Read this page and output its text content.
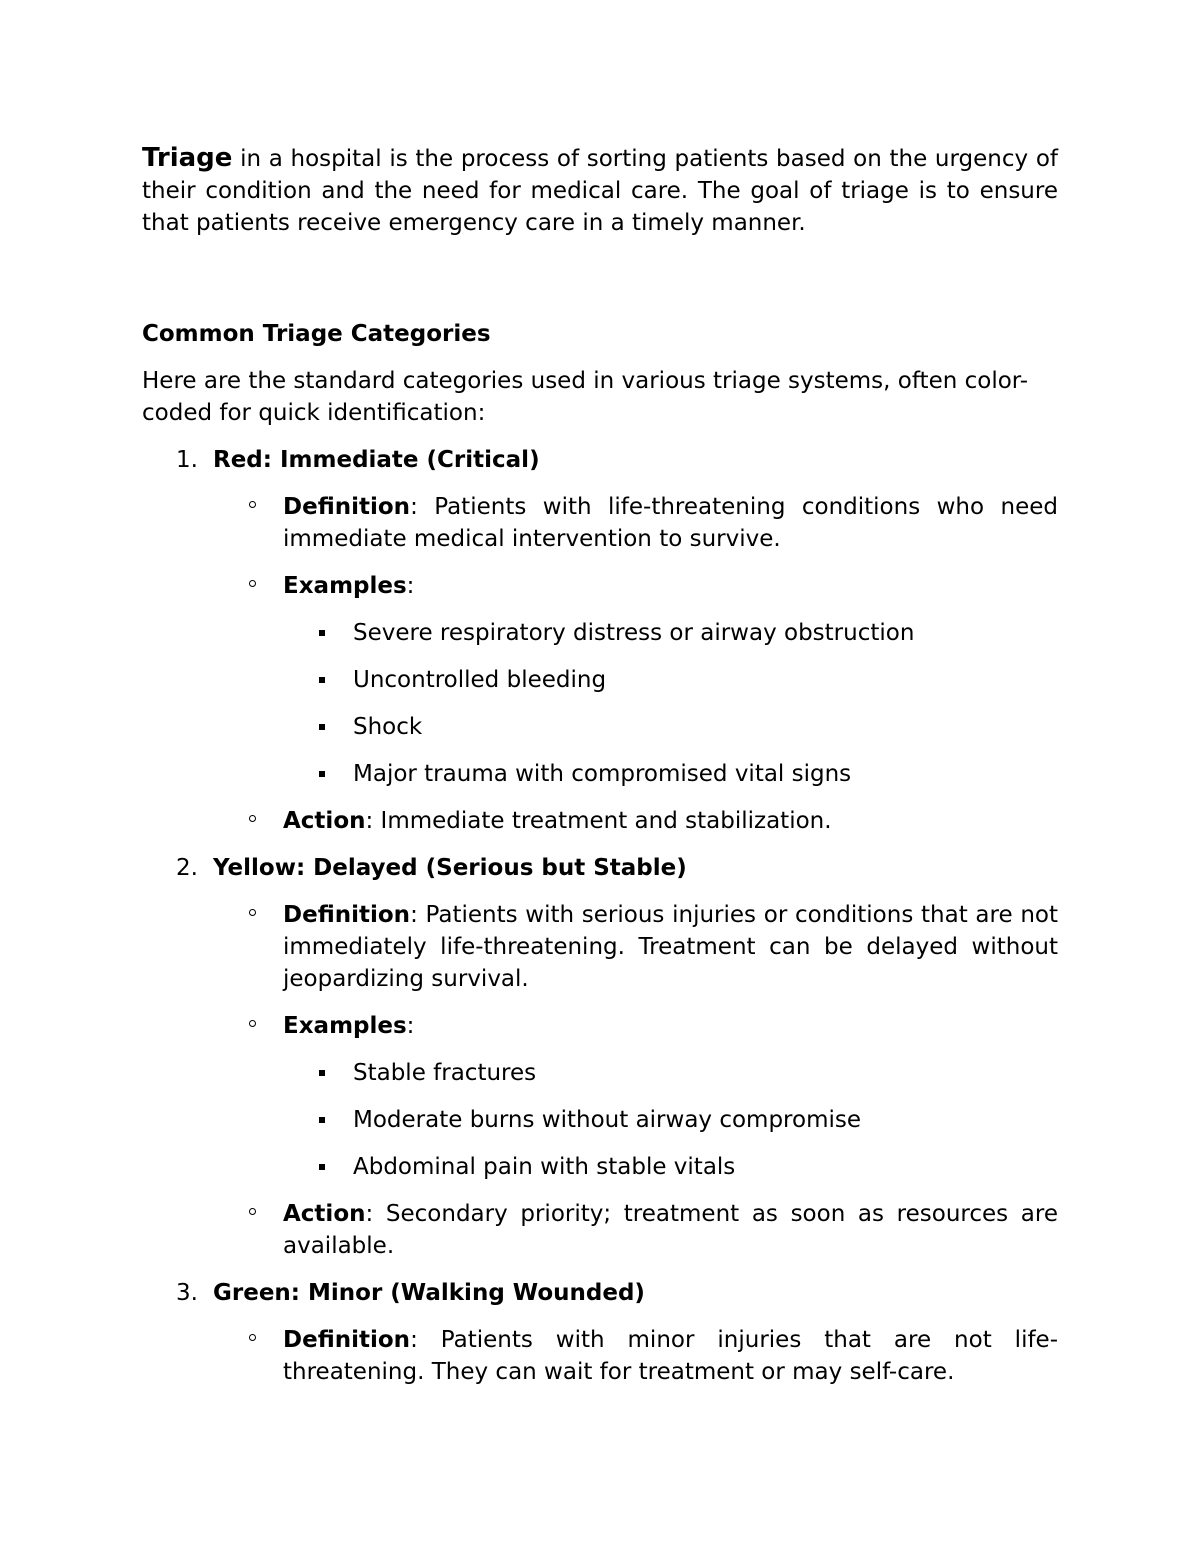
Triage in a hospital is the process of sorting patients based on the urgency of their condition and the need for medical care. The goal of triage is to ensure that patients receive emergency care in a timely manner.

Common Triage Categories

Here are the standard categories used in various triage systems, often color-coded for quick identification:

1. Red: Immediate (Critical)
Definition: Patients with life-threatening conditions who need immediate medical intervention to survive.
Examples:
Severe respiratory distress or airway obstruction
Uncontrolled bleeding
Shock
Major trauma with compromised vital signs
Action: Immediate treatment and stabilization.
2. Yellow: Delayed (Serious but Stable)
Definition: Patients with serious injuries or conditions that are not immediately life-threatening. Treatment can be delayed without jeopardizing survival.
Examples:
Stable fractures
Moderate burns without airway compromise
Abdominal pain with stable vitals
Action: Secondary priority; treatment as soon as resources are available.
3. Green: Minor (Walking Wounded)
Definition: Patients with minor injuries that are not life-threatening. They can wait for treatment or may self-care.
